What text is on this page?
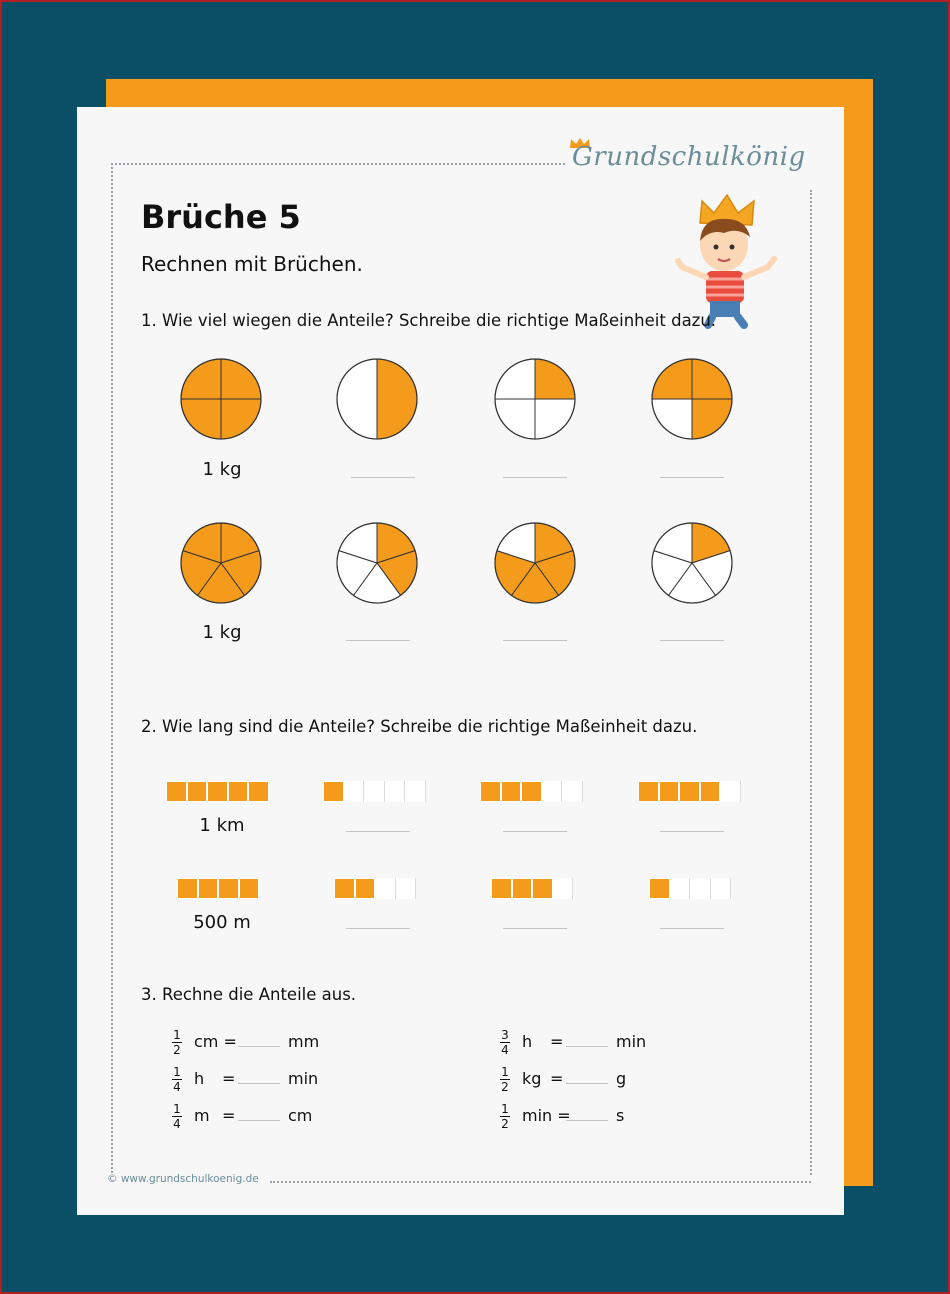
Grundschulkönig
Brüche 5
Rechnen mit Brüchen.
1. Wie viel wiegen die Anteile? Schreibe die richtige Maßeinheit dazu.
2. Wie lang sind die Anteile? Schreibe die richtige Maßeinheit dazu.
3. Rechne die Anteile aus.
1 kg
1 kg
1 km
500 m
1
2 cm =	mm
1
4 h =	min
1
4 m =	cm
3
4 h =	min
1
2 kg =	g
1
2 min =	s
© www.grundschulkoenig.de
